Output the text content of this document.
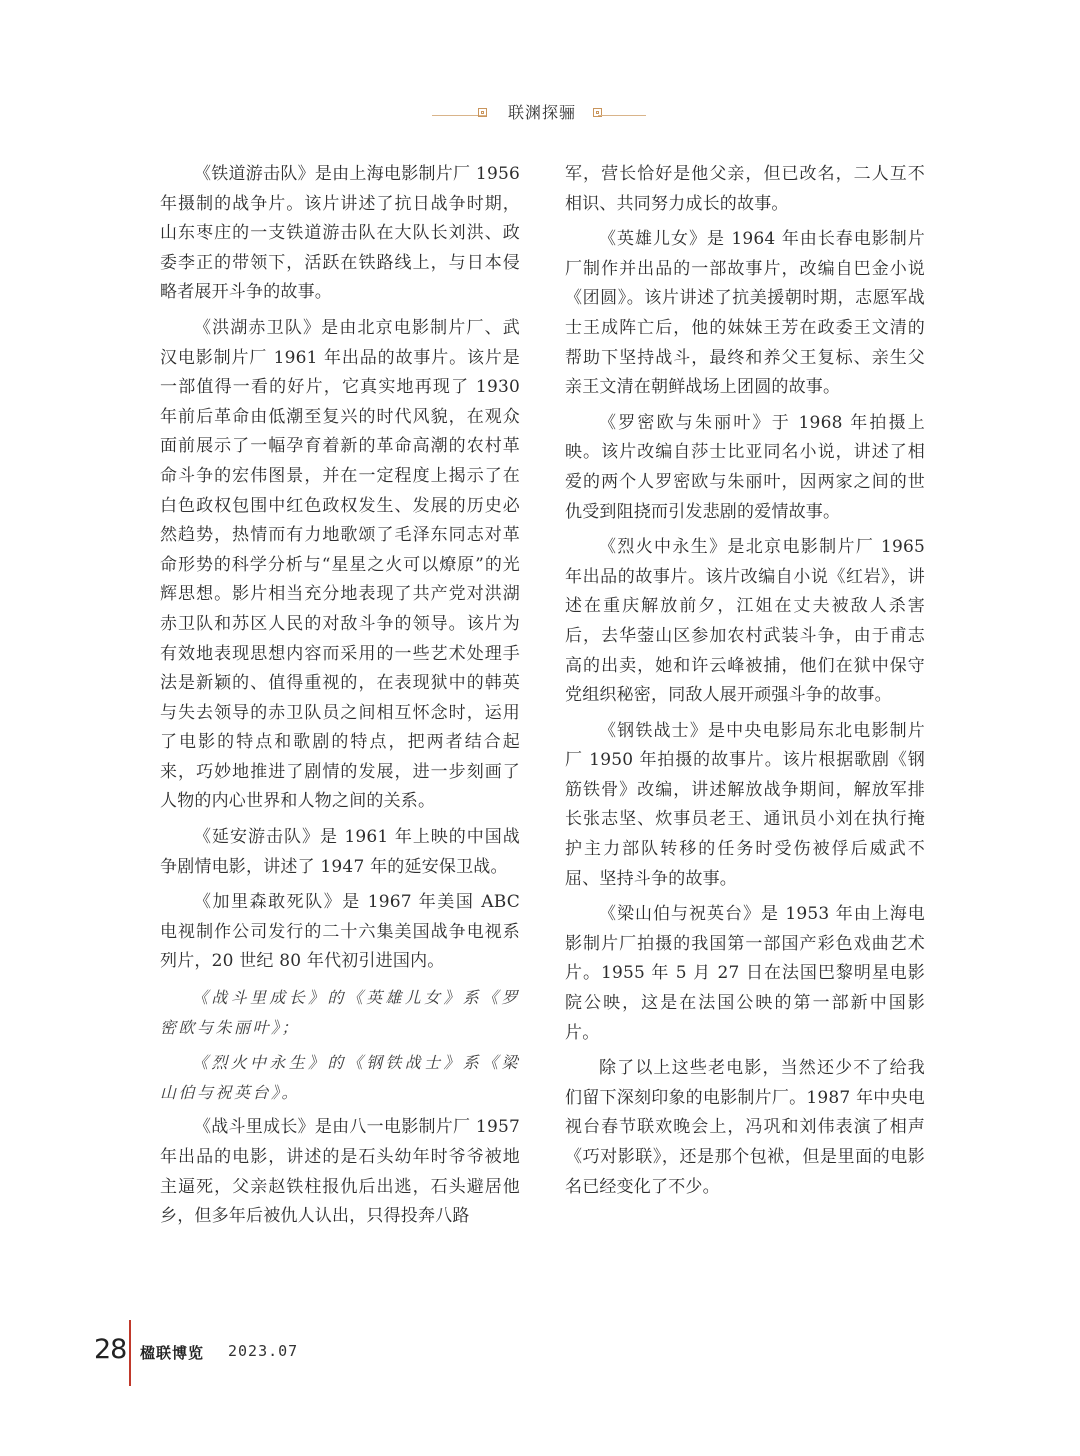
联渊探骊

《铁道游击队》是由上海电影制片厂 1956 年摄制的战争片。该片讲述了抗日战争时期，山东枣庄的一支铁道游击队在大队长刘洪、政委李正的带领下，活跃在铁路线上，与日本侵略者展开斗争的故事。

《洪湖赤卫队》是由北京电影制片厂、武汉电影制片厂 1961 年出品的故事片。该片是一部值得一看的好片，它真实地再现了 1930 年前后革命由低潮至复兴的时代风貌，在观众面前展示了一幅孕育着新的革命高潮的农村革命斗争的宏伟图景，并在一定程度上揭示了在白色政权包围中红色政权发生、发展的历史必然趋势，热情而有力地歌颂了毛泽东同志对革命形势的科学分析与“星星之火可以燎原”的光辉思想。影片相当充分地表现了共产党对洪湖赤卫队和苏区人民的对敌斗争的领导。该片为有效地表现思想内容而采用的一些艺术处理手法是新颖的、值得重视的，在表现狱中的韩英与失去领导的赤卫队员之间相互怀念时，运用了电影的特点和歌剧的特点，把两者结合起来，巧妙地推进了剧情的发展，进一步刻画了人物的内心世界和人物之间的关系。

《延安游击队》是 1961 年上映的中国战争剧情电影，讲述了 1947 年的延安保卫战。

《加里森敢死队》是 1967 年美国 ABC 电视制作公司发行的二十六集美国战争电视系列片，20 世纪 80 年代初引进国内。

《战斗里成长》的《英雄儿女》系《罗密欧与朱丽叶》；

《烈火中永生》的《钢铁战士》系《梁山伯与祝英台》。

《战斗里成长》是由八一电影制片厂 1957 年出品的电影，讲述的是石头幼年时爷爷被地主逼死，父亲赵铁柱报仇后出逃，石头避居他乡，但多年后被仇人认出，只得投奔八路

军，营长恰好是他父亲，但已改名，二人互不相识、共同努力成长的故事。

《英雄儿女》是 1964 年由长春电影制片厂制作并出品的一部故事片，改编自巴金小说《团圆》。该片讲述了抗美援朝时期，志愿军战士王成阵亡后，他的妹妹王芳在政委王文清的帮助下坚持战斗，最终和养父王复标、亲生父亲王文清在朝鲜战场上团圆的故事。

《罗密欧与朱丽叶》于 1968 年拍摄上映。该片改编自莎士比亚同名小说，讲述了相爱的两个人罗密欧与朱丽叶，因两家之间的世仇受到阻挠而引发悲剧的爱情故事。

《烈火中永生》是北京电影制片厂 1965 年出品的故事片。该片改编自小说《红岩》，讲述在重庆解放前夕，江姐在丈夫被敌人杀害后，去华蓥山区参加农村武装斗争，由于甫志高的出卖，她和许云峰被捕，他们在狱中保守党组织秘密，同敌人展开顽强斗争的故事。

《钢铁战士》是中央电影局东北电影制片厂 1950 年拍摄的故事片。该片根据歌剧《钢筋铁骨》改编，讲述解放战争期间，解放军排长张志坚、炊事员老王、通讯员小刘在执行掩护主力部队转移的任务时受伤被俘后威武不屈、坚持斗争的故事。

《梁山伯与祝英台》是 1953 年由上海电影制片厂拍摄的我国第一部国产彩色戏曲艺术片。1955 年 5 月 27 日在法国巴黎明星电影院公映，这是在法国公映的第一部新中国影片。

除了以上这些老电影，当然还少不了给我们留下深刻印象的电影制片厂。1987 年中央电视台春节联欢晚会上，冯巩和刘伟表演了相声《巧对影联》，还是那个包袱，但是里面的电影名已经变化了不少。

28 楹联博览 2023.07
